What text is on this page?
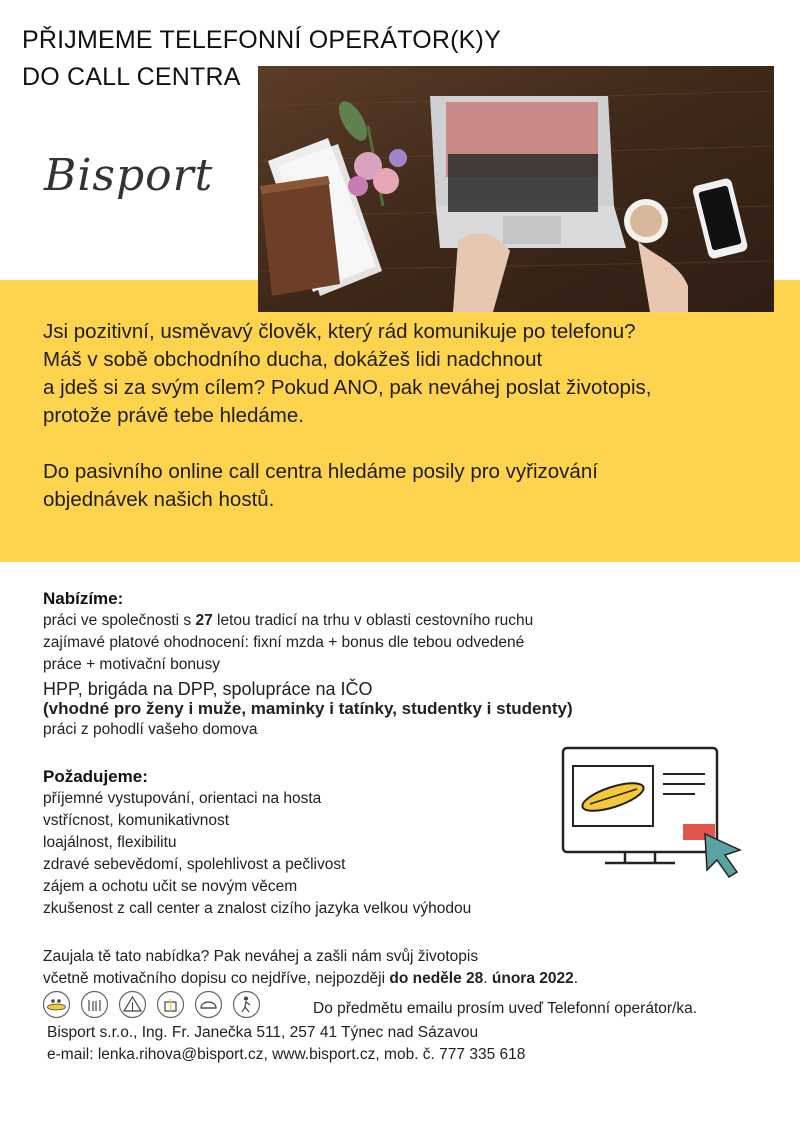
PŘIJMEME TELEFONNÍ OPERÁTOR(K)Y
DO CALL CENTRA
Bisport

Jsi pozitivní, usměvavý člověk, který rád komunikuje po telefonu?

Máš v sobě obchodního ducha, dokážeš lidi nadchnout

a jdeš si za svým cílem? Pokud ANO, pak neváhej poslat životopis,

protože právě tebe hledáme.

Do pasivního online call centra hledáme posily pro vyřizování

objednávek našich hostů.

Nabízíme:
práci ve společnosti s 27 letou tradicí na trhu v oblasti cestovního ruchu
zajímavé platové ohodnocení: fixní mzda + bonus dle tebou odvedené
práce + motivační bonusy
HPP, brigáda na DPP, spolupráce na IČO
(vhodné pro ženy i muže, maminky i tatínky, studentky i studenty)
práci z pohodlí vašeho domova
Požadujeme:
příjemné vystupování, orientaci na hosta
vstřícnost, komunikativnost
loajálnost, flexibilitu
zdravé sebevědomí, spolehlivost a pečlivost
zájem a ochotu učit se novým věcem
zkušenost z call center a znalost cizího jazyka velkou výhodou
Zaujala tě tato nabídka? Pak neváhej a zašli nám svůj životopis
včetně motivačního dopisu co nejdříve, nejpozději do neděle 28. února 2022.
Do předmětu emailu prosím uveď Telefonní operátor/ka.
Bisport s.r.o., Ing. Fr. Janečka 511, 257 41 Týnec nad Sázavou
e-mail: lenka.rihova@bisport.cz, www.bisport.cz, mob. č. 777 335 618
